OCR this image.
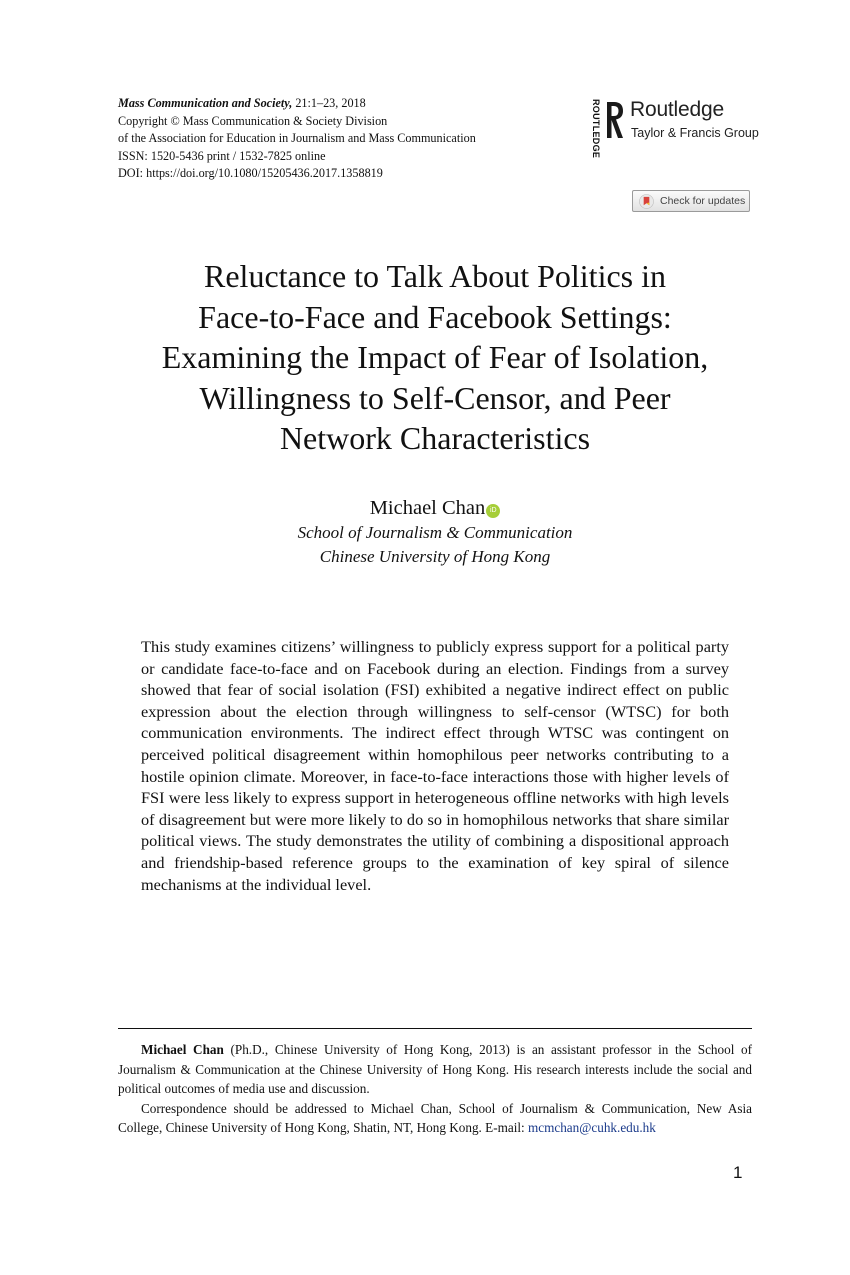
Mass Communication and Society, 21:1–23, 2018
Copyright © Mass Communication & Society Division
of the Association for Education in Journalism and Mass Communication
ISSN: 1520-5436 print / 1532-7825 online
DOI: https://doi.org/10.1080/15205436.2017.1358819
ROUTLEDGE Routledge
Taylor & Francis Group
Check for updates
Reluctance to Talk About Politics in
Face-to-Face and Facebook Settings:
Examining the Impact of Fear of Isolation,
Willingness to Self-Censor, and Peer
Network Characteristics
Michael Chan iD
School of Journalism & Communication
Chinese University of Hong Kong

This study examines citizens’ willingness to publicly express support for a political party or candidate face-to-face and on Facebook during an election. Findings from a survey showed that fear of social isolation (FSI) exhibited a negative indirect effect on public expression about the election through willingness to self-censor (WTSC) for both communication environments. The indirect effect through WTSC was contingent on perceived political disagreement within homophilous peer networks contributing to a hostile opinion climate. Moreover, in face-to-face interactions those with higher levels of FSI were less likely to express support in heterogeneous offline networks with high levels of disagreement but were more likely to do so in homophilous networks that share similar political views. The study demonstrates the utility of combining a dispositional approach and friendship-based reference groups to the examination of key spiral of silence mechanisms at the individual level.

Michael Chan (Ph.D., Chinese University of Hong Kong, 2013) is an assistant professor in the School of Journalism & Communication at the Chinese University of Hong Kong. His research interests include the social and political outcomes of media use and discussion.

Correspondence should be addressed to Michael Chan, School of Journalism & Communication, New Asia College, Chinese University of Hong Kong, Shatin, NT, Hong Kong. E-mail: mcmchan@cuhk.edu.hk

1
